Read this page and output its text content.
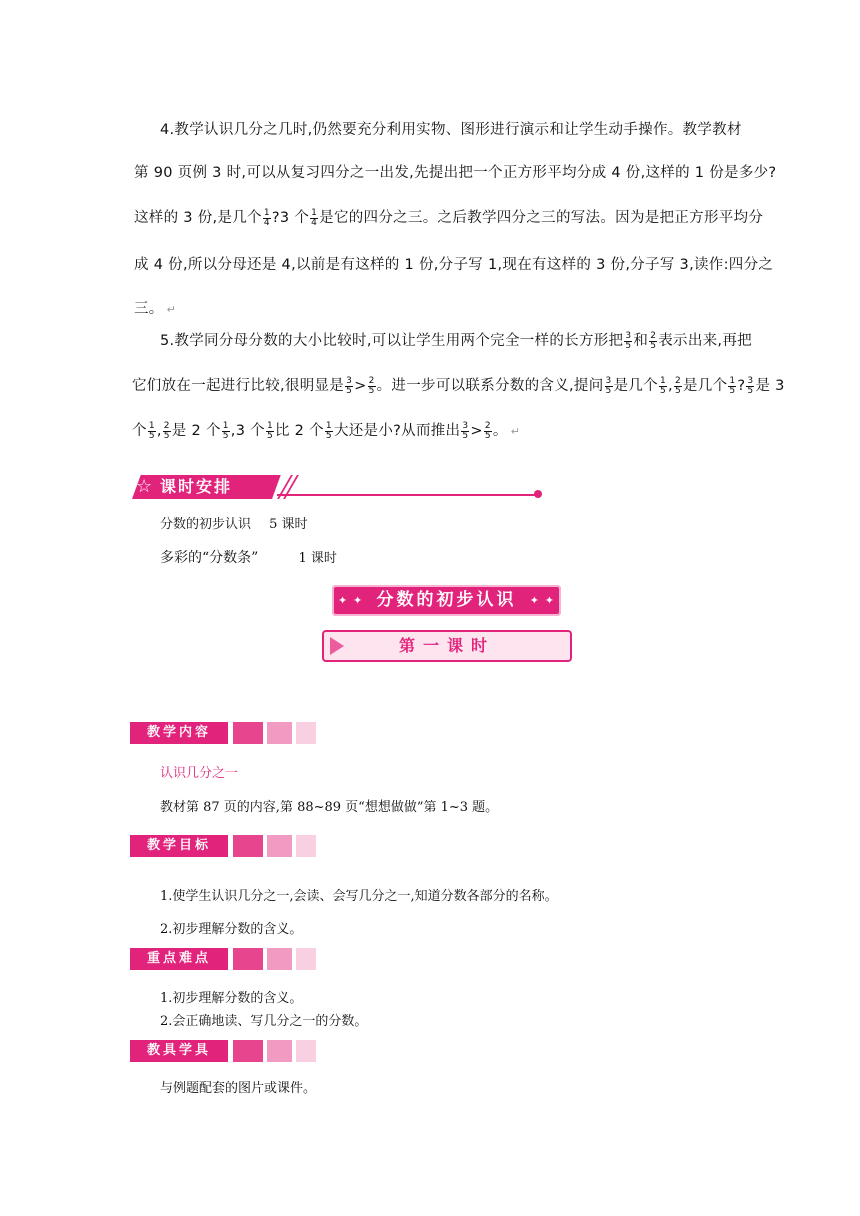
4.教学认识几分之几时,仍然要充分利用实物、图形进行演示和让学生动手操作。教学教材
第 90 页例 3 时,可以从复习四分之一出发,先提出把一个正方形平均分成 4 份,这样的 1 份是多少?
这样的 3 份,是几个 $\frac{1}{4}$ ?3 个 $\frac{1}{4}$ 是它的四分之三。之后教学四分之三的写法。因为是把正方形平均分
成 4 份,所以分母还是 4,以前是有这样的 1 份,分子写 1,现在有这样的 3 份,分子写 3,读作:四分之
三。 ↵
5.教学同分母分数的大小比较时,可以让学生用两个完全一样的长方形把 $\frac{3}{5}$ 和 $\frac{2}{5}$ 表示出来,再把
它们放在一起进行比较,很明显是 $\frac{3}{5} > \frac{2}{5}$ 。进一步可以联系分数的含义,提问 $\frac{3}{5}$ 是几个 $\frac{1}{5}$ , $\frac{2}{5}$ 是几个 $\frac{1}{5}$ ? $\frac{3}{5}$ 是 3
个 $\frac{1}{5}$ , $\frac{2}{5}$ 是 2 个 $\frac{1}{5} ,3$ 个 $\frac{1}{5}$ 比 2 个 $\frac{1}{5}$ 大还是小?从而推出 $\frac{3}{5} > \frac{2}{5}$ 。 ↵
☆ 课时安排
分数的初步认识 5 课时
多彩的“分数条”	1 课时
✦ ✦ 分数的初步认识 ✦ ✦
第一课时
教学内容
认识几分之一
教材第 87 页的内容,第 88~89 页“想想做做”第 1~3 题。
教学目标
1.使学生认识几分之一,会读、会写几分之一,知道分数各部分的名称。
2.初步理解分数的含义。
重点难点
1.初步理解分数的含义。
2.会正确地读、写几分之一的分数。
教具学具
与例题配套的图片或课件。
